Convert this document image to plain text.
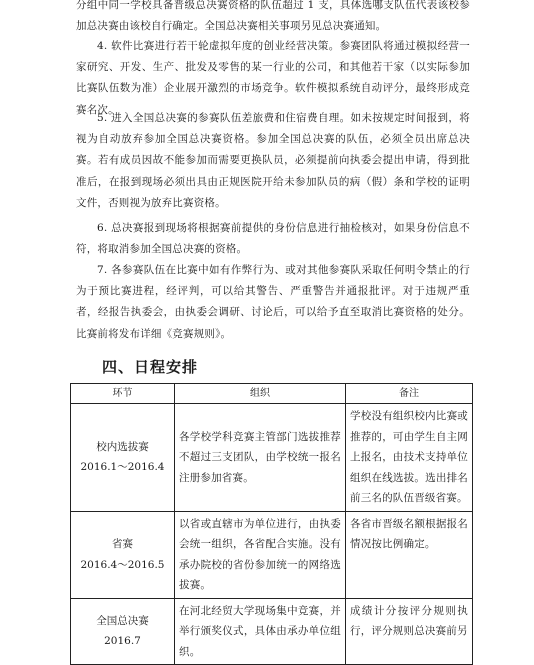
分组中同一学校具备晋级总决赛资格的队伍超过 1 支，具体选哪支队伍代表该校参加总决赛由该校自行确定。全国总决赛相关事项另见总决赛通知。

4. 软件比赛进行若干轮虚拟年度的创业经营决策。参赛团队将通过模拟经营一家研究、开发、生产、批发及零售的某一行业的公司，和其他若干家（以实际参加比赛队伍数为准）企业展开激烈的市场竞争。软件模拟系统自动评分，最终形成竞赛名次。

5. 进入全国总决赛的参赛队伍差旅费和住宿费自理。如未按规定时间报到，将视为自动放弃参加全国总决赛资格。参加全国总决赛的队伍，必须全员出席总决赛。若有成员因故不能参加而需要更换队员，必须提前向执委会提出申请，得到批准后，在报到现场必须出具由正规医院开给未参加队员的病（假）条和学校的证明文件，否则视为放弃比赛资格。

6. 总决赛报到现场将根据赛前提供的身份信息进行抽检核对，如果身份信息不符，将取消参加全国总决赛的资格。

7. 各参赛队伍在比赛中如有作弊行为、或对其他参赛队采取任何明令禁止的行为于预比赛进程，经评判，可以给其警告、严重警告并通报批评。对于违规严重者，经报告执委会，由执委会调研、讨论后，可以给予直至取消比赛资格的处分。比赛前将发布详细《竞赛规则》。

四、日程安排
环节	组织	备注

校内选拔赛
2016.1～2016.4	各学校学科竞赛主管部门选拔推荐不超过三支团队，由学校统一报名注册参加省赛。	学校没有组织校内比赛或推荐的，可由学生自主网上报名，由技术支持单位组织在线选拔。选出排名前三名的队伍晋级省赛。

省赛
2016.4～2016.5	以省或直辖市为单位进行，由执委会统一组织，各省配合实施。没有承办院校的省份参加统一的网络选拔赛。	各省市晋级名额根据报名情况按比例确定。

全国总决赛
2016.7	在河北经贸大学现场集中竞赛，并举行颁奖仪式，具体由承办单位组织。	成绩计分按评分规则执行，评分规则总决赛前另
